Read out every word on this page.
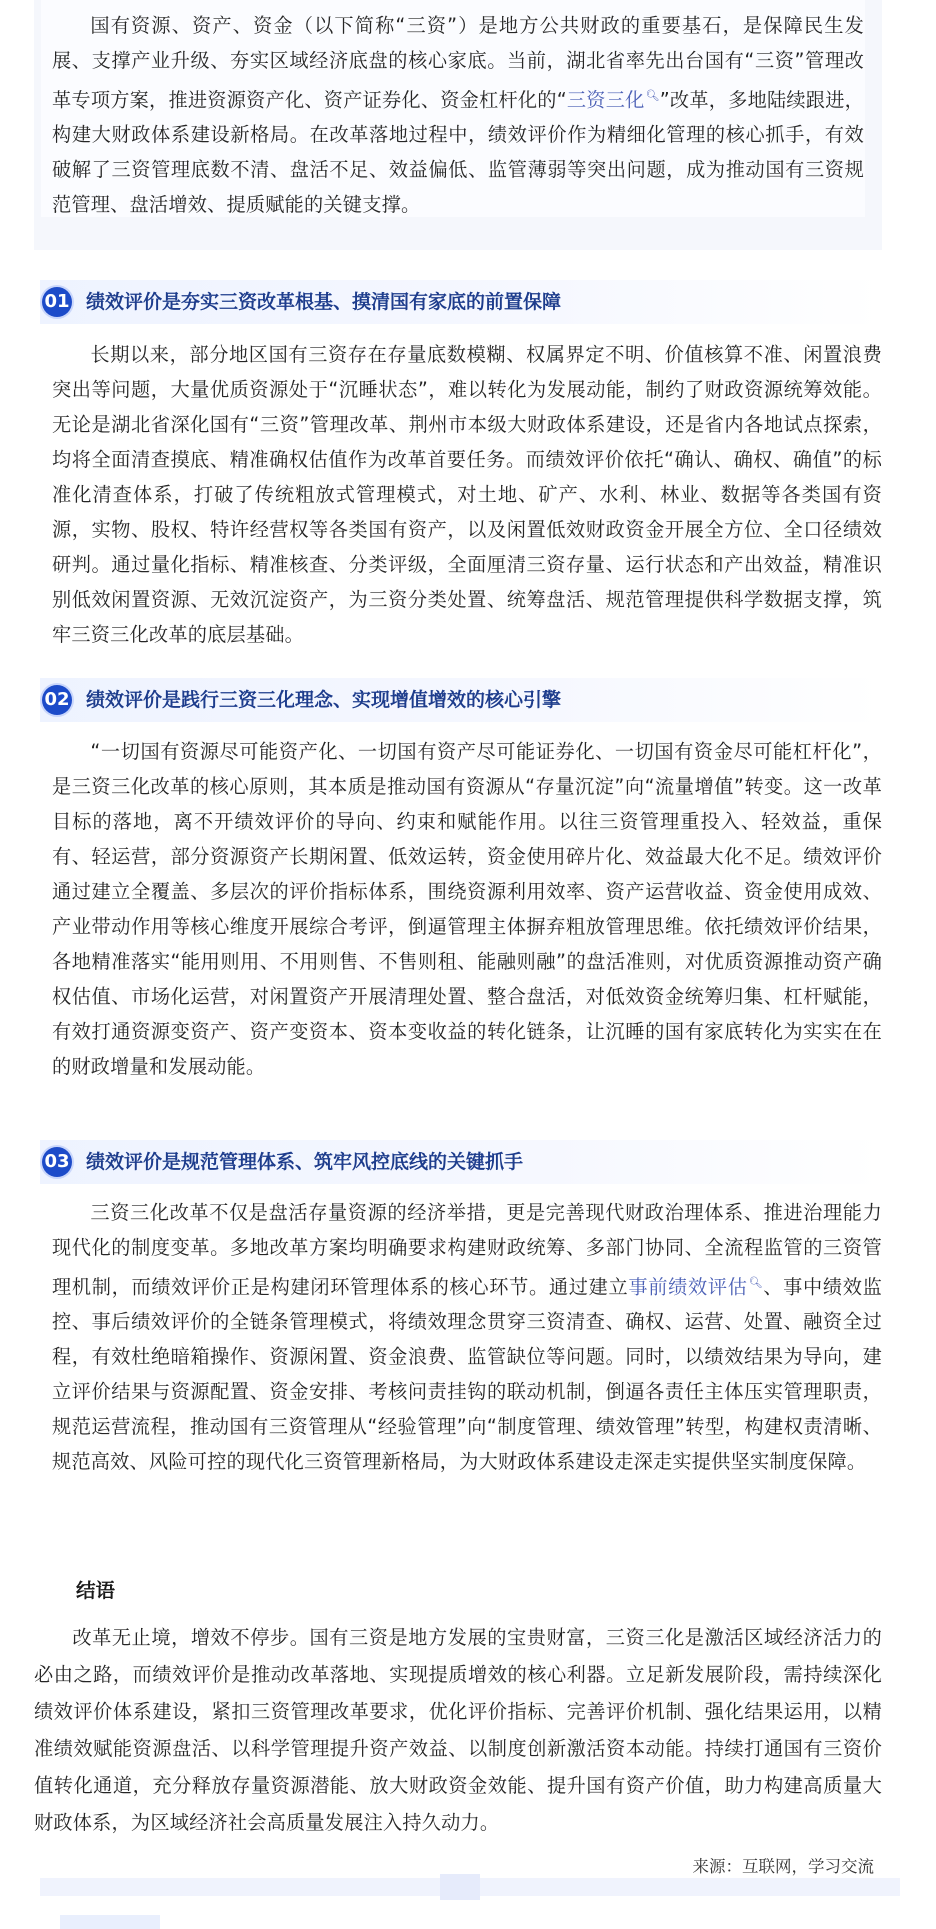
国有资源、资产、资金（以下简称“三资”）是地方公共财政的重要基石，是保障民生发展、支撑产业升级、夯实区域经济底盘的核心家底。当前，湖北省率先出台国有“三资”管理改革专项方案，推进资源资产化、资产证券化、资金杠杆化的“三资三化🔍︎”改革，多地陆续跟进，构建大财政体系建设新格局。在改革落地过程中，绩效评价作为精细化管理的核心抓手，有效破解了三资管理底数不清、盘活不足、效益偏低、监管薄弱等突出问题，成为推动国有三资规范管理、盘活增效、提质赋能的关键支撑。

01 绩效评价是夯实三资改革根基、摸清国有家底的前置保障

长期以来，部分地区国有三资存在存量底数模糊、权属界定不明、价值核算不准、闲置浪费突出等问题，大量优质资源处于“沉睡状态”，难以转化为发展动能，制约了财政资源统筹效能。无论是湖北省深化国有“三资”管理改革、荆州市本级大财政体系建设，还是省内各地试点探索，均将全面清查摸底、精准确权估值作为改革首要任务。而绩效评价依托“确认、确权、确值”的标准化清查体系，打破了传统粗放式管理模式，对土地、矿产、水利、林业、数据等各类国有资源，实物、股权、特许经营权等各类国有资产，以及闲置低效财政资金开展全方位、全口径绩效研判。通过量化指标、精准核查、分类评级，全面厘清三资存量、运行状态和产出效益，精准识别低效闲置资源、无效沉淀资产，为三资分类处置、统筹盘活、规范管理提供科学数据支撑，筑牢三资三化改革的底层基础。

02 绩效评价是践行三资三化理念、实现增值增效的核心引擎

“一切国有资源尽可能资产化、一切国有资产尽可能证券化、一切国有资金尽可能杠杆化”，是三资三化改革的核心原则，其本质是推动国有资源从“存量沉淀”向“流量增值”转变。这一改革目标的落地，离不开绩效评价的导向、约束和赋能作用。以往三资管理重投入、轻效益，重保有、轻运营，部分资源资产长期闲置、低效运转，资金使用碎片化、效益最大化不足。绩效评价通过建立全覆盖、多层次的评价指标体系，围绕资源利用效率、资产运营收益、资金使用成效、产业带动作用等核心维度开展综合考评，倒逼管理主体摒弃粗放管理思维。依托绩效评价结果，各地精准落实“能用则用、不用则售、不售则租、能融则融”的盘活准则，对优质资源推动资产确权估值、市场化运营，对闲置资产开展清理处置、整合盘活，对低效资金统筹归集、杠杆赋能，有效打通资源变资产、资产变资本、资本变收益的转化链条，让沉睡的国有家底转化为实实在在的财政增量和发展动能。

03 绩效评价是规范管理体系、筑牢风控底线的关键抓手

三资三化改革不仅是盘活存量资源的经济举措，更是完善现代财政治理体系、推进治理能力现代化的制度变革。多地改革方案均明确要求构建财政统筹、多部门协同、全流程监管的三资管理机制，而绩效评价正是构建闭环管理体系的核心环节。通过建立事前绩效评估🔍︎、事中绩效监控、事后绩效评价的全链条管理模式，将绩效理念贯穿三资清查、确权、运营、处置、融资全过程，有效杜绝暗箱操作、资源闲置、资金浪费、监管缺位等问题。同时，以绩效结果为导向，建立评价结果与资源配置、资金安排、考核问责挂钩的联动机制，倒逼各责任主体压实管理职责，规范运营流程，推动国有三资管理从“经验管理”向“制度管理、绩效管理”转型，构建权责清晰、规范高效、风险可控的现代化三资管理新格局，为大财政体系建设走深走实提供坚实制度保障。

结语

改革无止境，增效不停步。国有三资是地方发展的宝贵财富，三资三化是激活区域经济活力的必由之路，而绩效评价是推动改革落地、实现提质增效的核心利器。立足新发展阶段，需持续深化绩效评价体系建设，紧扣三资管理改革要求，优化评价指标、完善评价机制、强化结果运用，以精准绩效赋能资源盘活、以科学管理提升资产效益、以制度创新激活资本动能。持续打通国有三资价值转化通道，充分释放存量资源潜能、放大财政资金效能、提升国有资产价值，助力构建高质量大财政体系，为区域经济社会高质量发展注入持久动力。

来源：互联网，学习交流
